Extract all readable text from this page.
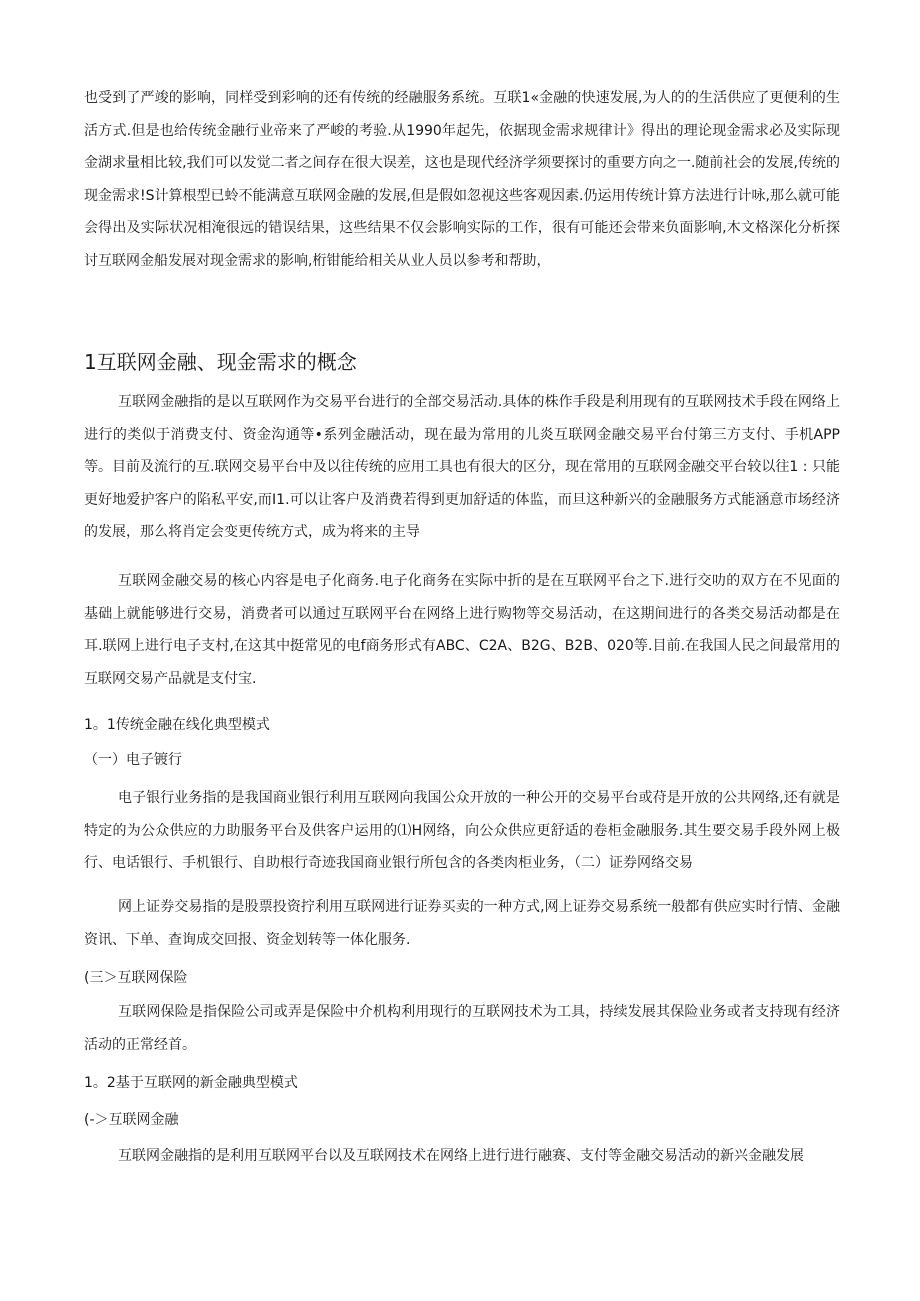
也受到了严竣的影响，同样受到彩响的还有传统的经融服务系统。互联1«金融的快速发展,为人的的生活供应了更便利的生活方式.但是也给传统金融行业帝来了严峻的考验.从1990年起先，依据现金需求规律计》得出的理论现金需求必及实际现金湖求量相比较,我们可以发觉二者之间存在很大误差，这也是现代经济学须要探讨的重要方向之一.随前社会的发展,传统的现金需求!S计算根型已蛉不能满意互联网金融的发展,但是假如忽视这些客观因素.仍运用传统计算方法进行计咏,那么就可能会得出及实际状况相淹很远的错误结果，这些结果不仅会影响实际的工作，很有可能还会带来负面影响,木文格深化分析探讨互联网金船发展对现金需求的影响,桁钳能给相关从业人员以参考和帮助，

1互联网金融、现金需求的概念

互联网金融指的是以互联网作为交易平台进行的全部交易活动.具体的株作手段是利用现有的互联网技术手段在网络上进行的类似于消费支付、资金沟通等•系列金融活动，现在最为常用的儿炎互联网金融交易平台付第三方支付、手机APP等。目前及流行的互.联网交易平台中及以往传统的应用工具也有很大的区分，现在常用的互联网金融交平台较以往1 : 只能更好地爱护客户的陷私平安,而I1.可以让客户及消费若得到更加舒适的体监，而旦这种新兴的金融服务方式能涵意市场经济的发展，那么将肖定会变更传统方式，成为将来的主导

互联网金融交易的核心内容是电子化商务.电子化商务在实际中折的是在互联网平台之下.进行交叻的双方在不见面的基础上就能够进行交易，消费者可以通过互联网平台在网络上进行购物等交易活动，在这期间进行的各类交易活动都是在耳.联网上进行电子支村,在这其中挺常见的电f商务形式有ABC、C2A、B2G、B2B、020等.目前.在我国人民之间最常用的互联网交易产品就是支付宝.

1。1传统金融在线化典型模式
（一）电子镀行

电子银行业务指的是我国商业银行利用互联网向我国公众开放的一种公开的交易平台或苻是开放的公共网络,还有就是特定的为公众供应的力助服务平台及供客户运用的⑴H网络，向公众供应更舒适的卷柜金融服务.其生要交易手段外网上极行、电话银行、手机银行、自助根行奇迹我国商业银行所包含的各类肉柜业务，（二）证券网络交易

网上证券交易指的是股票投资拧利用互联网进行证券买卖的一种方式,网上证券交易系统一般都有供应实时行情、金融资讯、下单、查询成交回报、资金划转等一体化服务.

(三＞互联网保险

互联网保险是指保险公司或弄是保险中介机构利用现行的互联网技术为工具，持续发展其保险业务或者支持现有经济活动的正常经首。

1。2基于互联网的新金融典型模式
(-＞互联网金融

互联网金融指的是利用互联网平台以及互联网技术在网络上进行进行融赛、支付等金融交易活动的新兴金融发展
